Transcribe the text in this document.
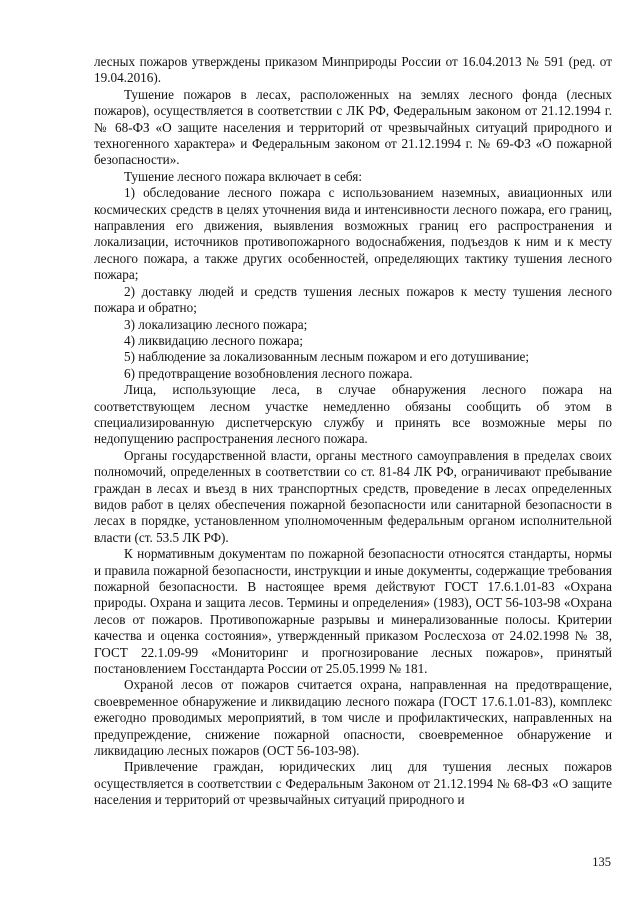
лесных пожаров утверждены приказом Минприроды России от 16.04.2013 № 591 (ред. от 19.04.2016).

Тушение пожаров в лесах, расположенных на землях лесного фонда (лесных пожаров), осуществляется в соответствии с ЛК РФ, Федеральным законом от 21.12.1994 г. № 68-ФЗ «О защите населения и территорий от чрезвычайных ситуаций природного и техногенного характера» и Федеральным законом от 21.12.1994 г. № 69-ФЗ «О пожарной безопасности».

Тушение лесного пожара включает в себя:

1) обследование лесного пожара с использованием наземных, авиационных или космических средств в целях уточнения вида и интенсивности лесного пожара, его границ, направления его движения, выявления возможных границ его распространения и локализации, источников противопожарного водоснабжения, подъездов к ним и к месту лесного пожара, а также других особенностей, определяющих тактику тушения лесного пожара;

2) доставку людей и средств тушения лесных пожаров к месту тушения лесного пожара и обратно;

3) локализацию лесного пожара;

4) ликвидацию лесного пожара;

5) наблюдение за локализованным лесным пожаром и его дотушивание;

6) предотвращение возобновления лесного пожара.

Лица, использующие леса, в случае обнаружения лесного пожара на соответствующем лесном участке немедленно обязаны сообщить об этом в специализированную диспетчерскую службу и принять все возможные меры по недопущению распространения лесного пожара.

Органы государственной власти, органы местного самоуправления в пределах своих полномочий, определенных в соответствии со ст. 81-84 ЛК РФ, ограничивают пребывание граждан в лесах и въезд в них транспортных средств, проведение в лесах определенных видов работ в целях обеспечения пожарной безопасности или санитарной безопасности в лесах в порядке, установленном уполномоченным федеральным органом исполнительной власти (ст. 53.5 ЛК РФ).

К нормативным документам по пожарной безопасности относятся стандарты, нормы и правила пожарной безопасности, инструкции и иные документы, содержащие требования пожарной безопасности. В настоящее время действуют ГОСТ 17.6.1.01-83 «Охрана природы. Охрана и защита лесов. Термины и определения» (1983), ОСТ 56-103-98 «Охрана лесов от пожаров. Противопожарные разрывы и минерализованные полосы. Критерии качества и оценка состояния», утвержденный приказом Рослесхоза от 24.02.1998 № 38, ГОСТ 22.1.09-99 «Мониторинг и прогнозирование лесных пожаров», принятый постановлением Госстандарта России от 25.05.1999 № 181.

Охраной лесов от пожаров считается охрана, направленная на предотвращение, своевременное обнаружение и ликвидацию лесного пожара (ГОСТ 17.6.1.01-83), комплекс ежегодно проводимых мероприятий, в том числе и профилактических, направленных на предупреждение, снижение пожарной опасности, своевременное обнаружение и ликвидацию лесных пожаров (ОСТ 56-103-98).

Привлечение граждан, юридических лиц для тушения лесных пожаров осуществляется в соответствии с Федеральным Законом от 21.12.1994 № 68-ФЗ «О защите населения и территорий от чрезвычайных ситуаций природного и

135
